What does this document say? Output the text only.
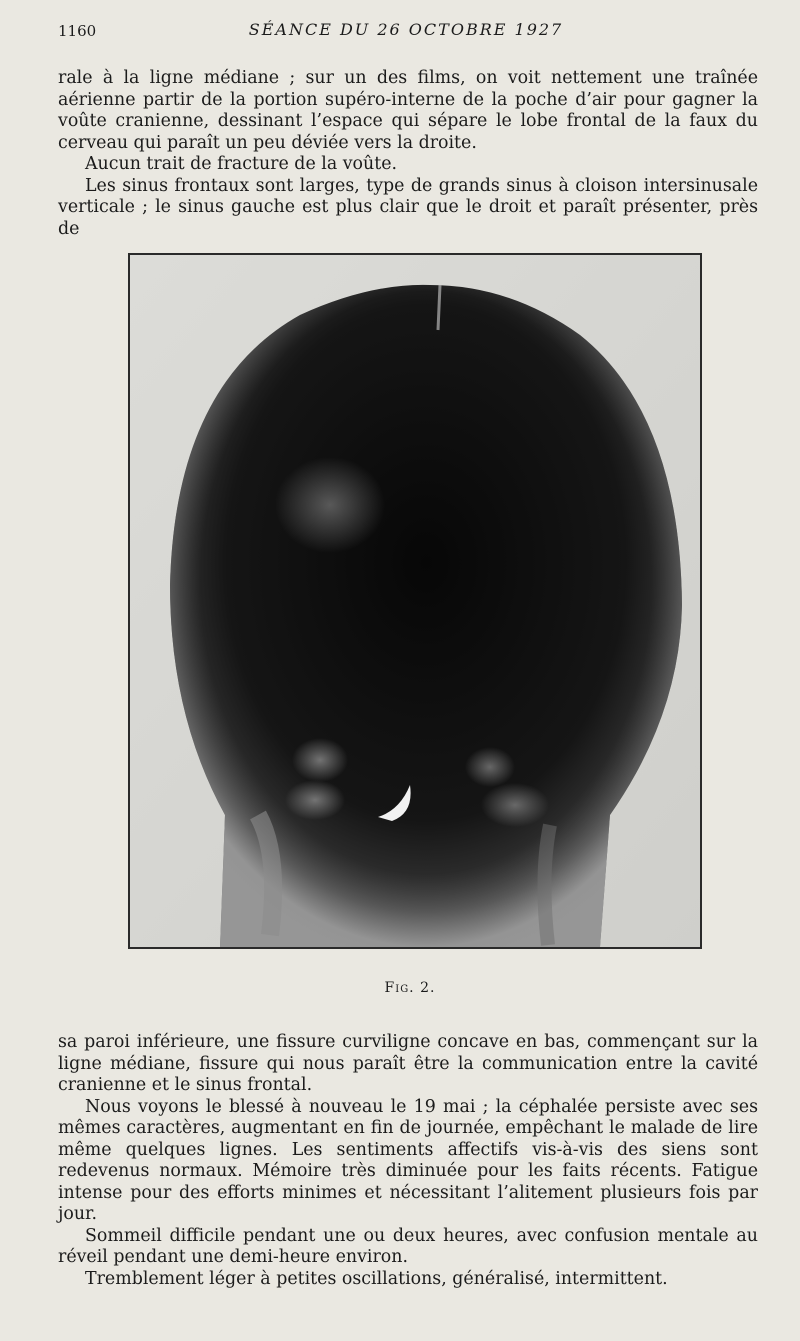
1160	SÉANCE DU 26 OCTOBRE 1927

rale à la ligne médiane ; sur un des films, on voit nettement une traînée aérienne partir de la portion supéro-interne de la poche d’air pour gagner la voûte cranienne, dessinant l’espace qui sépare le lobe frontal de la faux du cerveau qui paraît un peu déviée vers la droite.

Aucun trait de fracture de la voûte.

Les sinus frontaux sont larges, type de grands sinus à cloison intersinusale verticale ; le sinus gauche est plus clair que le droit et paraît présenter, près de

Fig. 2.

sa paroi inférieure, une fissure curviligne concave en bas, commençant sur la ligne médiane, fissure qui nous paraît être la communication entre la cavité cranienne et le sinus frontal.

Nous voyons le blessé à nouveau le 19 mai ; la céphalée persiste avec ses mêmes caractères, augmentant en fin de journée, empêchant le malade de lire même quelques lignes. Les sentiments affectifs vis-à-vis des siens sont redevenus normaux. Mémoire très diminuée pour les faits récents. Fatigue intense pour des efforts minimes et nécessitant l’alitement plusieurs fois par jour.

Sommeil difficile pendant une ou deux heures, avec confusion mentale au réveil pendant une demi-heure environ.

Tremblement léger à petites oscillations, généralisé, intermittent.
